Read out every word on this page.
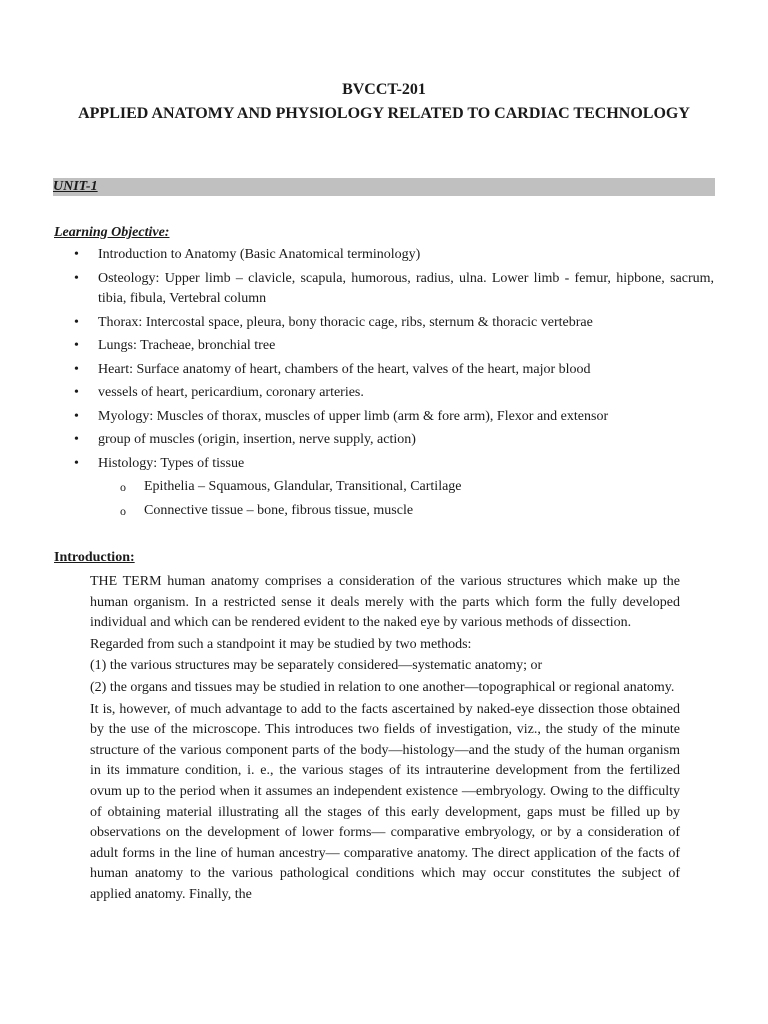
BVCCT-201
APPLIED ANATOMY AND PHYSIOLOGY RELATED TO CARDIAC TECHNOLOGY
UNIT-1
Learning Objective:
• Introduction to Anatomy (Basic Anatomical terminology)
• Osteology: Upper limb – clavicle, scapula, humorous, radius, ulna. Lower limb - femur, hipbone, sacrum, tibia, fibula, Vertebral column
• Thorax: Intercostal space, pleura, bony thoracic cage, ribs, sternum & thoracic vertebrae
• Lungs: Tracheae, bronchial tree
• Heart: Surface anatomy of heart, chambers of the heart, valves of the heart, major blood
• vessels of heart, pericardium, coronary arteries.
• Myology: Muscles of thorax, muscles of upper limb (arm & fore arm), Flexor and extensor
• group of muscles (origin, insertion, nerve supply, action)
• Histology: Types of tissue
o Epithelia – Squamous, Glandular, Transitional, Cartilage
o Connective tissue – bone, fibrous tissue, muscle
Introduction:

THE TERM human anatomy comprises a consideration of the various structures which make up the human organism. In a restricted sense it deals merely with the parts which form the fully developed individual and which can be rendered evident to the naked eye by various methods of dissection.

Regarded from such a standpoint it may be studied by two methods:

(1) the various structures may be separately considered—systematic anatomy; or

(2) the organs and tissues may be studied in relation to one another—topographical or regional anatomy.

It is, however, of much advantage to add to the facts ascertained by naked-eye dissection those obtained by the use of the microscope. This introduces two fields of investigation, viz., the study of the minute structure of the various component parts of the body—histology—and the study of the human organism in its immature condition, i. e., the various stages of its intrauterine development from the fertilized ovum up to the period when it assumes an independent existence —embryology. Owing to the difficulty of obtaining material illustrating all the stages of this early development, gaps must be filled up by observations on the development of lower forms— comparative embryology, or by a consideration of adult forms in the line of human ancestry— comparative anatomy. The direct application of the facts of human anatomy to the various pathological conditions which may occur constitutes the subject of applied anatomy. Finally, the
